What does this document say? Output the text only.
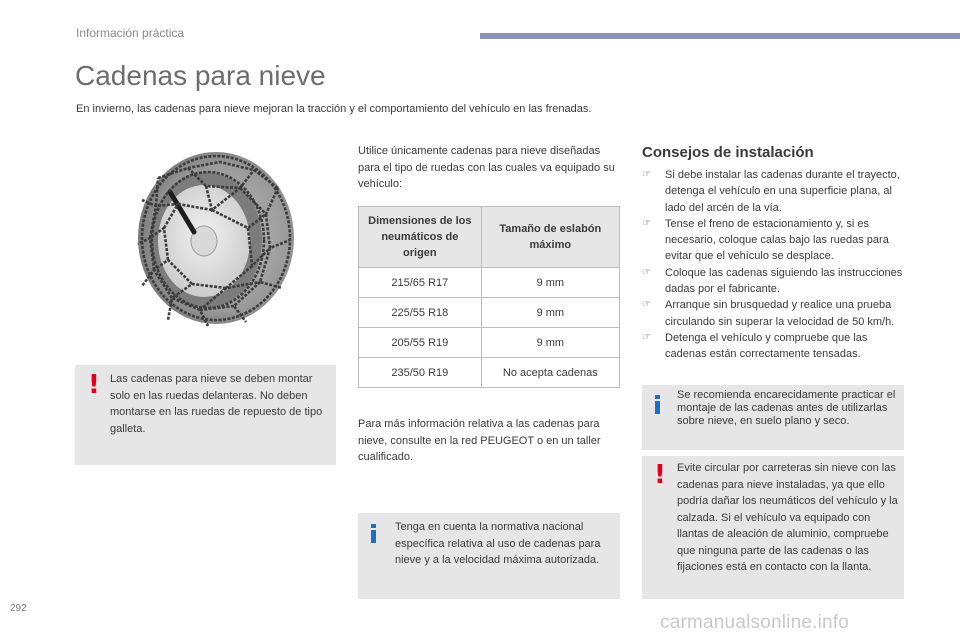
Información práctica
Cadenas para nieve
En invierno, las cadenas para nieve mejoran la tracción y el comportamiento del vehículo en las frenadas.
! Las cadenas para nieve se deben montar solo en las ruedas delanteras. No deben montarse en las ruedas de repuesto de tipo galleta.
Utilice únicamente cadenas para nieve diseñadas para el tipo de ruedas con las cuales va equipado su vehículo:
Dimensiones de los neumáticos de origen	Tamaño de eslabón máximo
215/65 R17	9 mm
225/55 R18	9 mm
205/55 R19	9 mm
235/50 R19	No acepta cadenas
Para más información relativa a las cadenas para nieve, consulte en la red PEUGEOT o en un taller cualificado.
Tenga en cuenta la normativa nacional específica relativa al uso de cadenas para nieve y a la velocidad máxima autorizada.
Consejos de instalación
☞ Si debe instalar las cadenas durante el trayecto, detenga el vehículo en una superficie plana, al lado del arcén de la vía.
☞ Tense el freno de estacionamiento y, si es necesario, coloque calas bajo las ruedas para evitar que el vehículo se desplace.
☞ Coloque las cadenas siguiendo las instrucciones dadas por el fabricante.
☞ Arranque sin brusquedad y realice una prueba circulando sin superar la velocidad de 50 km/h.
☞ Detenga el vehículo y compruebe que las cadenas están correctamente tensadas.
Se recomienda encarecidamente practicar el montaje de las cadenas antes de utilizarlas sobre nieve, en suelo plano y seco.
! Evite circular por carreteras sin nieve con las cadenas para nieve instaladas, ya que ello podría dañar los neumáticos del vehículo y la calzada. Si el vehículo va equipado con llantas de aleación de aluminio, compruebe que ninguna parte de las cadenas o las fijaciones está en contacto con la llanta.
292
carmanualsonline.info
